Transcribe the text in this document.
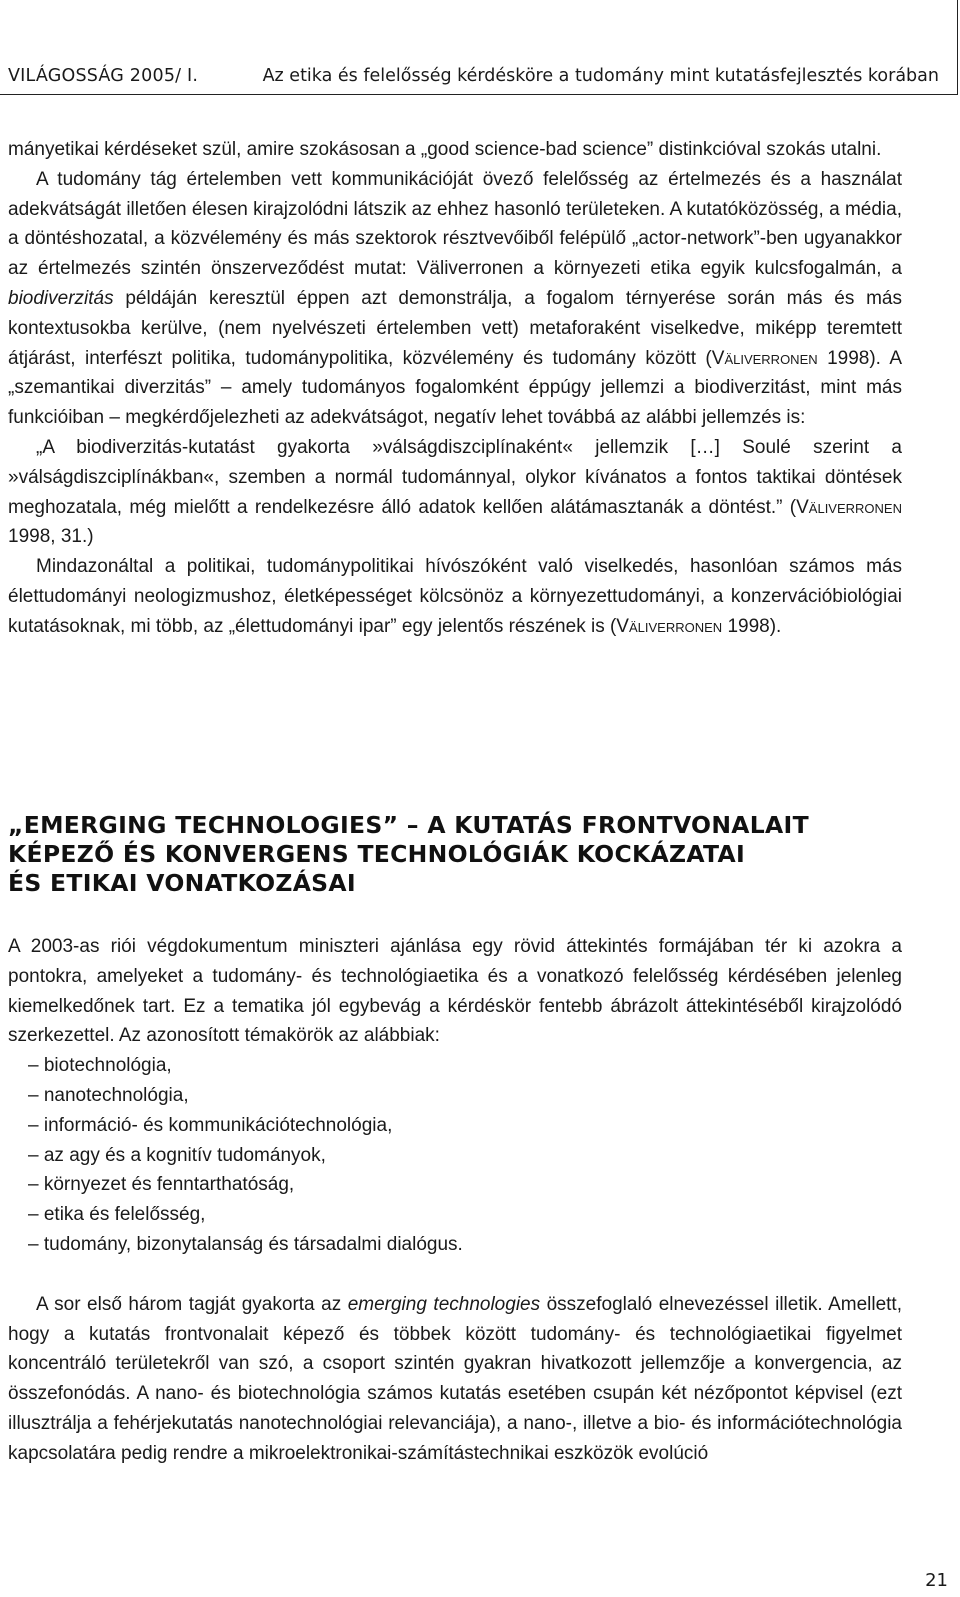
VILÁGOSSÁG 2005/ I.	Az etika és felelősség kérdésköre a tudomány mint kutatásfejlesztés korában

mányetikai kérdéseket szül, amire szokásosan a „good science-bad science” distinkcióval szokás utalni.

A tudomány tág értelemben vett kommunikációját övező felelősség az értelmezés és a használat adekvátságát illetően élesen kirajzolódni látszik az ehhez hasonló területeken. A kutatóközösség, a média, a döntéshozatal, a közvélemény és más szektorok résztvevőiből felépülő „actor-network”-ben ugyanakkor az értelmezés szintén önszerveződést mutat: Väliverronen a környezeti etika egyik kulcsfogalmán, a biodiverzitás példáján keresztül éppen azt demonstrálja, a fogalom térnyerése során más és más kontextusokba kerülve, (nem nyelvészeti értelemben vett) metaforaként viselkedve, miképp teremtett átjárást, interfészt politika, tudománypolitika, közvélemény és tudomány között (Väliverronen 1998). A „szemantikai diverzitás” – amely tudományos fogalomként éppúgy jellemzi a biodiverzitást, mint más funkcióiban – megkérdőjelezheti az adekvátságot, negatív lehet továbbá az alábbi jellemzés is:

„A biodiverzitás-kutatást gyakorta »válságdiszciplínaként« jellemzik […] Soulé szerint a »válságdiszciplínákban«, szemben a normál tudománnyal, olykor kívánatos a fontos taktikai döntések meghozatala, még mielőtt a rendelkezésre álló adatok kellően alátámasztanák a döntést.” (Väliverronen 1998, 31.)

Mindazonáltal a politikai, tudománypolitikai hívószóként való viselkedés, hasonlóan számos más élettudományi neologizmushoz, életképességet kölcsönöz a környezettudományi, a konzervációbiológiai kutatásoknak, mi több, az „élettudományi ipar” egy jelentős részének is (Väliverronen 1998).

„EMERGING TECHNOLOGIES” – A KUTATÁS FRONTVONALAIT
KÉPEZŐ ÉS KONVERGENS TECHNOLÓGIÁK KOCKÁZATAI
ÉS ETIKAI VONATKOZÁSAI

A 2003-as riói végdokumentum miniszteri ajánlása egy rövid áttekintés formájában tér ki azokra a pontokra, amelyeket a tudomány- és technológiaetika és a vonatkozó felelősség kérdésében jelenleg kiemelkedőnek tart. Ez a tematika jól egybevág a kérdéskör fentebb ábrázolt áttekintéséből kirajzolódó szerkezettel. Az azonosított témakörök az alábbiak:

– biotechnológia,
– nanotechnológia,
– információ- és kommunikációtechnológia,
– az agy és a kognitív tudományok,
– környezet és fenntarthatóság,
– etika és felelősség,
– tudomány, bizonytalanság és társadalmi dialógus.

A sor első három tagját gyakorta az emerging technologies összefoglaló elnevezéssel illetik. Amellett, hogy a kutatás frontvonalait képező és többek között tudomány- és technológiaetikai figyelmet koncentráló területekről van szó, a csoport szintén gyakran hivatkozott jellemzője a konvergencia, az összefonódás. A nano- és biotechnológia számos kutatás esetében csupán két nézőpontot képvisel (ezt illusztrálja a fehérjekutatás nanotechnológiai relevanciája), a nano-, illetve a bio- és információtechnológia kapcsolatára pedig rendre a mikroelektronikai-számítástechnikai eszközök evolúció

21
